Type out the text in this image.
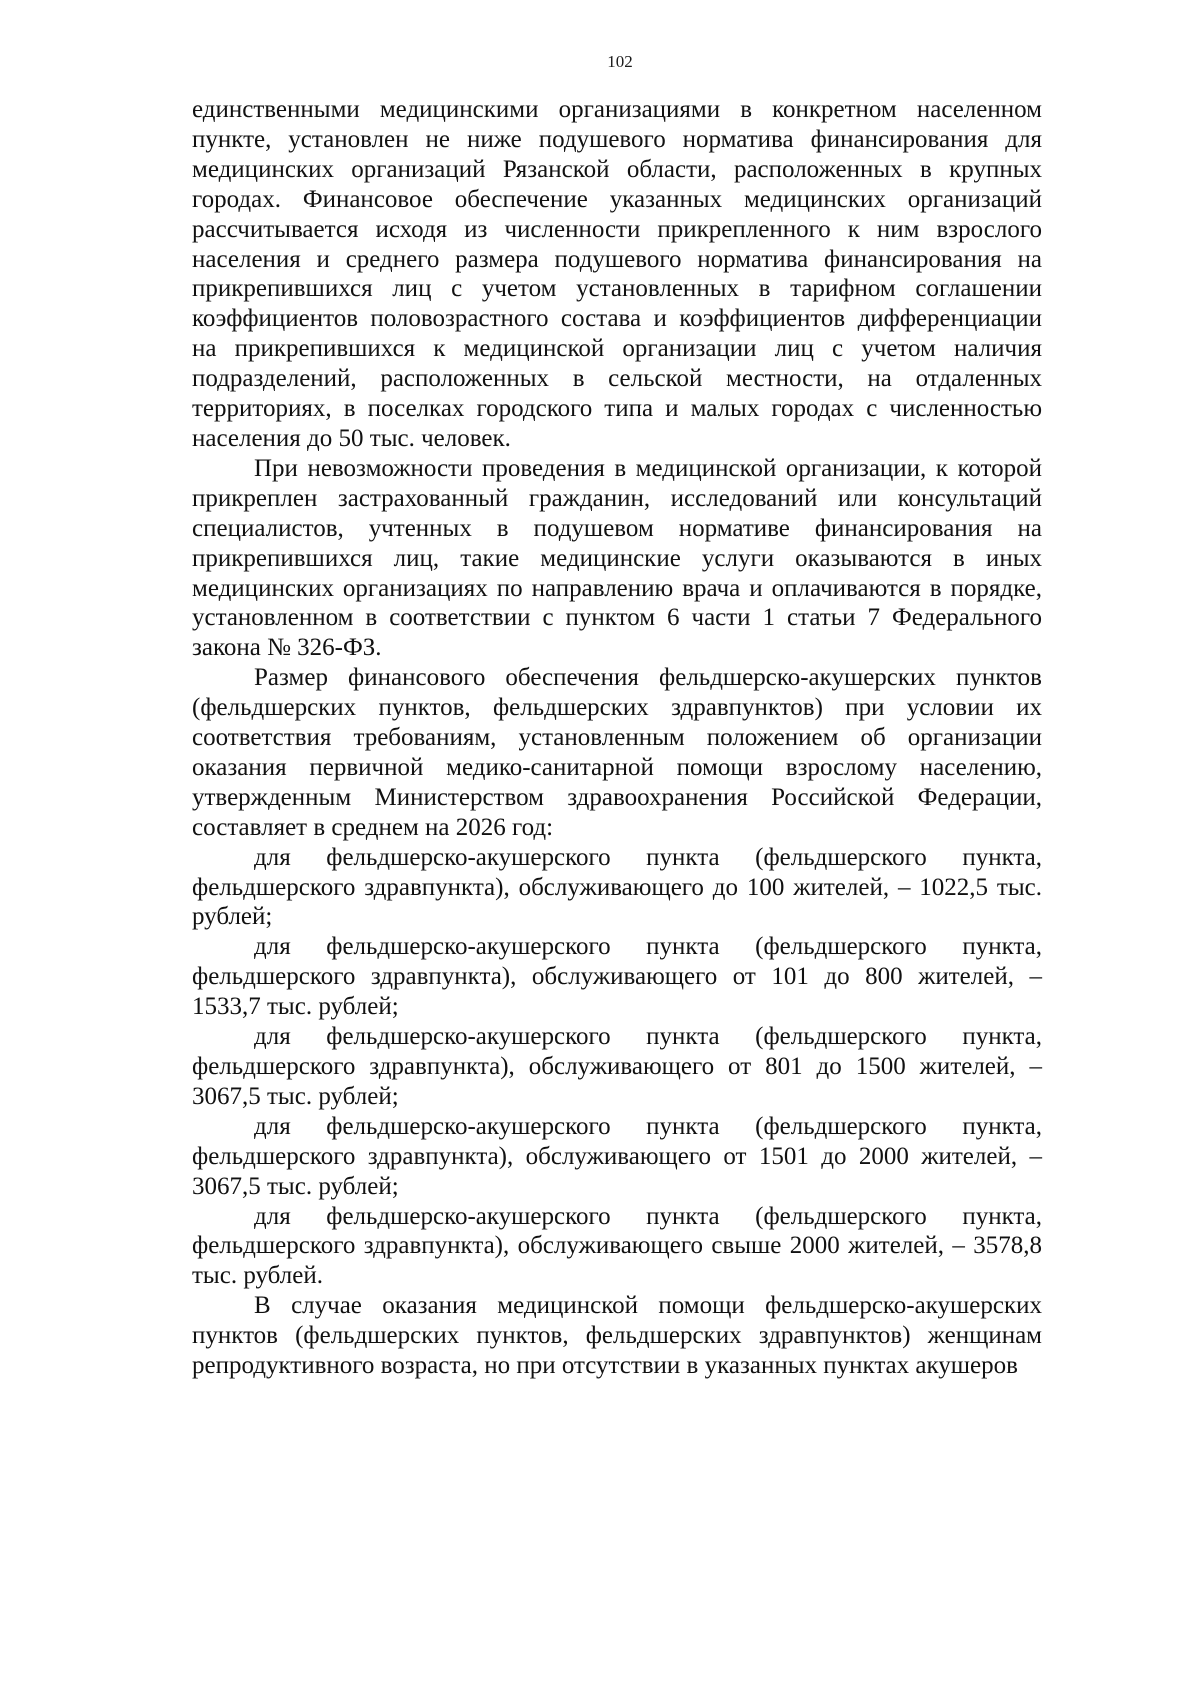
102

единственными медицинскими организациями в конкретном населенном пункте, установлен не ниже подушевого норматива финансирования для медицинских организаций Рязанской области, расположенных в крупных городах. Финансовое обеспечение указанных медицинских организаций рассчитывается исходя из численности прикрепленного к ним взрослого населения и среднего размера подушевого норматива финансирования на прикрепившихся лиц с учетом установленных в тарифном соглашении коэффициентов половозрастного состава и коэффициентов дифференциации на прикрепившихся к медицинской организации лиц с учетом наличия подразделений, расположенных в сельской местности, на отдаленных территориях, в поселках городского типа и малых городах с численностью населения до 50 тыс. человек.

При невозможности проведения в медицинской организации, к которой прикреплен застрахованный гражданин, исследований или консультаций специалистов, учтенных в подушевом нормативе финансирования на прикрепившихся лиц, такие медицинские услуги оказываются в иных медицинских организациях по направлению врача и оплачиваются в порядке, установленном в соответствии с пунктом 6 части 1 статьи 7 Федерального закона № 326-ФЗ.

Размер финансового обеспечения фельдшерско-акушерских пунктов (фельдшерских пунктов, фельдшерских здравпунктов) при условии их соответствия требованиям, установленным положением об организации оказания первичной медико-санитарной помощи взрослому населению, утвержденным Министерством здравоохранения Российской Федерации, составляет в среднем на 2026 год:

для фельдшерско-акушерского пункта (фельдшерского пункта, фельдшерского здравпункта), обслуживающего до 100 жителей, – 1022,5 тыс. рублей;

для фельдшерско-акушерского пункта (фельдшерского пункта, фельдшерского здравпункта), обслуживающего от 101 до 800 жителей, – 1533,7 тыс. рублей;

для фельдшерско-акушерского пункта (фельдшерского пункта, фельдшерского здравпункта), обслуживающего от 801 до 1500 жителей, – 3067,5 тыс. рублей;

для фельдшерско-акушерского пункта (фельдшерского пункта, фельдшерского здравпункта), обслуживающего от 1501 до 2000 жителей, – 3067,5 тыс. рублей;

для фельдшерско-акушерского пункта (фельдшерского пункта, фельдшерского здравпункта), обслуживающего свыше 2000 жителей, – 3578,8 тыс. рублей.

В случае оказания медицинской помощи фельдшерско-акушерских пунктов (фельдшерских пунктов, фельдшерских здравпунктов) женщинам репродуктивного возраста, но при отсутствии в указанных пунктах акушеров
